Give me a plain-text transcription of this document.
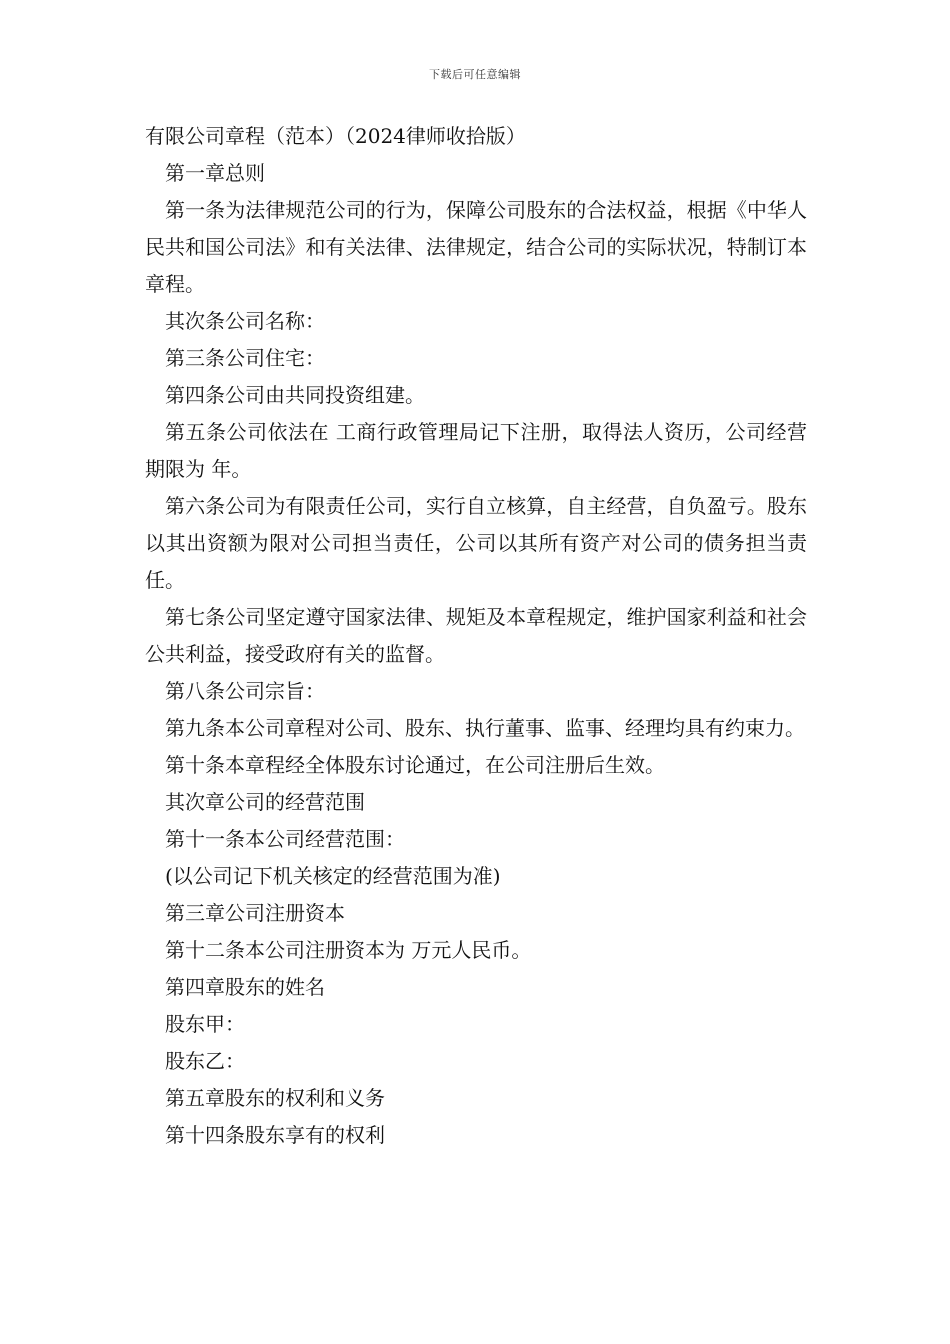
下载后可任意编辑

有限公司章程（范本）（2024律师收拾版）

第一章总则

第一条为法律规范公司的行为，保障公司股东的合法权益，根据《中华人民共和国公司法》和有关法律、法律规定，结合公司的实际状况，特制订本章程。

其次条公司名称：

第三条公司住宅：

第四条公司由共同投资组建。

第五条公司依法在 工商行政管理局记下注册，取得法人资历，公司经营期限为 年。

第六条公司为有限责任公司，实行自立核算，自主经营，自负盈亏。股东以其出资额为限对公司担当责任，公司以其所有资产对公司的债务担当责任。

第七条公司坚定遵守国家法律、规矩及本章程规定，维护国家利益和社会公共利益，接受政府有关的监督。

第八条公司宗旨：

第九条本公司章程对公司、股东、执行董事、监事、经理均具有约束力。

第十条本章程经全体股东讨论通过，在公司注册后生效。

其次章公司的经营范围

第十一条本公司经营范围：

(以公司记下机关核定的经营范围为准)

第三章公司注册资本

第十二条本公司注册资本为 万元人民币。

第四章股东的姓名

股东甲：

股东乙：

第五章股东的权利和义务

第十四条股东享有的权利
